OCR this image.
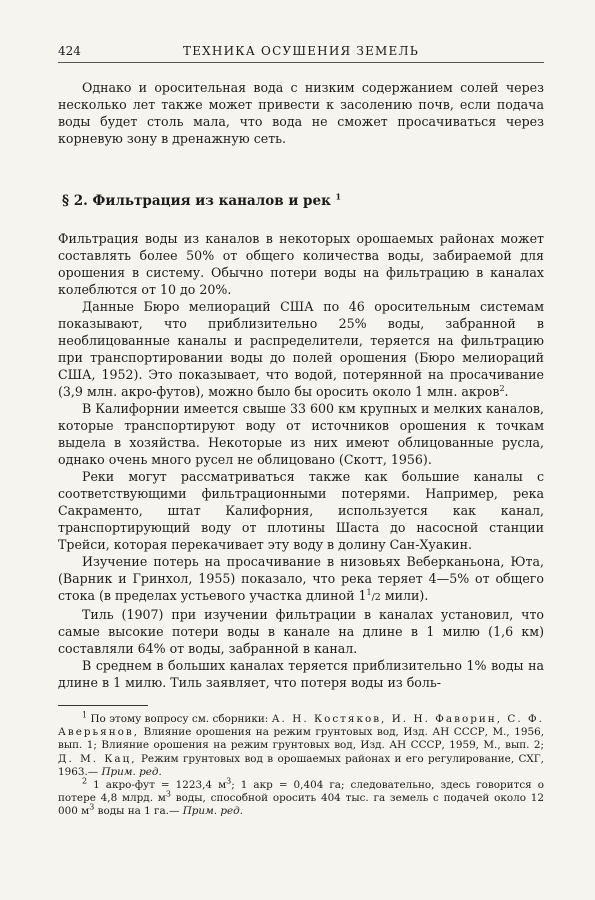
424	ТЕХНИКА ОСУШЕНИЯ ЗЕМЕЛЬ

Однако и оросительная вода с низким содержанием солей через несколько лет также может привести к засолению почв, если подача воды будет столь мала, что вода не сможет просачиваться через корневую зону в дренажную сеть.

§ 2. Фильтрация из каналов и рек $^1$

Фильтрация воды из каналов в некоторых орошаемых районах может составлять более 50% от общего количества воды, забираемой для орошения в систему. Обычно потери воды на фильтрацию в каналах колеблются от 10 до 20%.

Данные Бюро мелиораций США по 46 оросительным системам показывают, что приблизительно 25% воды, забранной в необлицованные каналы и распределители, теряется на фильтрацию при транспортировании воды до полей орошения (Бюро мелиораций США, 1952). Это показывает, что водой, потерянной на просачивание (3,9 млн. акро-футов), можно было бы оросить около 1 млн. акров$^2$.

В Калифорнии имеется свыше 33 600 км крупных и мелких каналов, которые транспортируют воду от источников орошения к точкам выдела в хозяйства. Некоторые из них имеют облицованные русла, однако очень много русел не облицовано (Скотт, 1956).

Реки могут рассматриваться также как большие каналы с соответствующими фильтрационными потерями. Например, река Сакраменто, штат Калифорния, используется как канал, транспортирующий воду от плотины Шаста до насосной станции Трейси, которая перекачивает эту воду в долину Сан-Хуакин.

Изучение потерь на просачивание в низовьях Веберканьона, Юта, (Варник и Гринхол, 1955) показало, что река теряет 4—5% от общего стока (в пределах устьевого участка длиной $1^1/2$ мили).

Тиль (1907) при изучении фильтрации в каналах установил, что самые высокие потери воды в канале на длине в 1 милю (1,6 км) составляли 64% от воды, забранной в канал.

В среднем в больших каналах теряется приблизительно 1% воды на длине в 1 милю. Тиль заявляет, что потеря воды из боль-

$^1$ По этому вопросу см. сборники: А. Н. Костяков, И. Н. Фаворин, С. Ф. Аверьянов, Влияние орошения на режим грунтовых вод, Изд. АН СССР, М., 1956, вып. 1; Влияние орошения на режим грунтовых вод, Изд. АН СССР, 1959, М., вып. 2; Д. М. Кац, Режим грунтовых вод в орошаемых районах и его регулирование, СХГ, 1963.— Прим. ред.

$^2$ 1 акро-фут = 1223,4 $м^3$; 1 акр = 0,404 га; следовательно, здесь говорится о потере 4,8 млрд. $м^3$ воды, способной оросить 404 тыс. га земель с подачей около 12 000 $м^3$ воды на 1 га.— Прим. ред.
